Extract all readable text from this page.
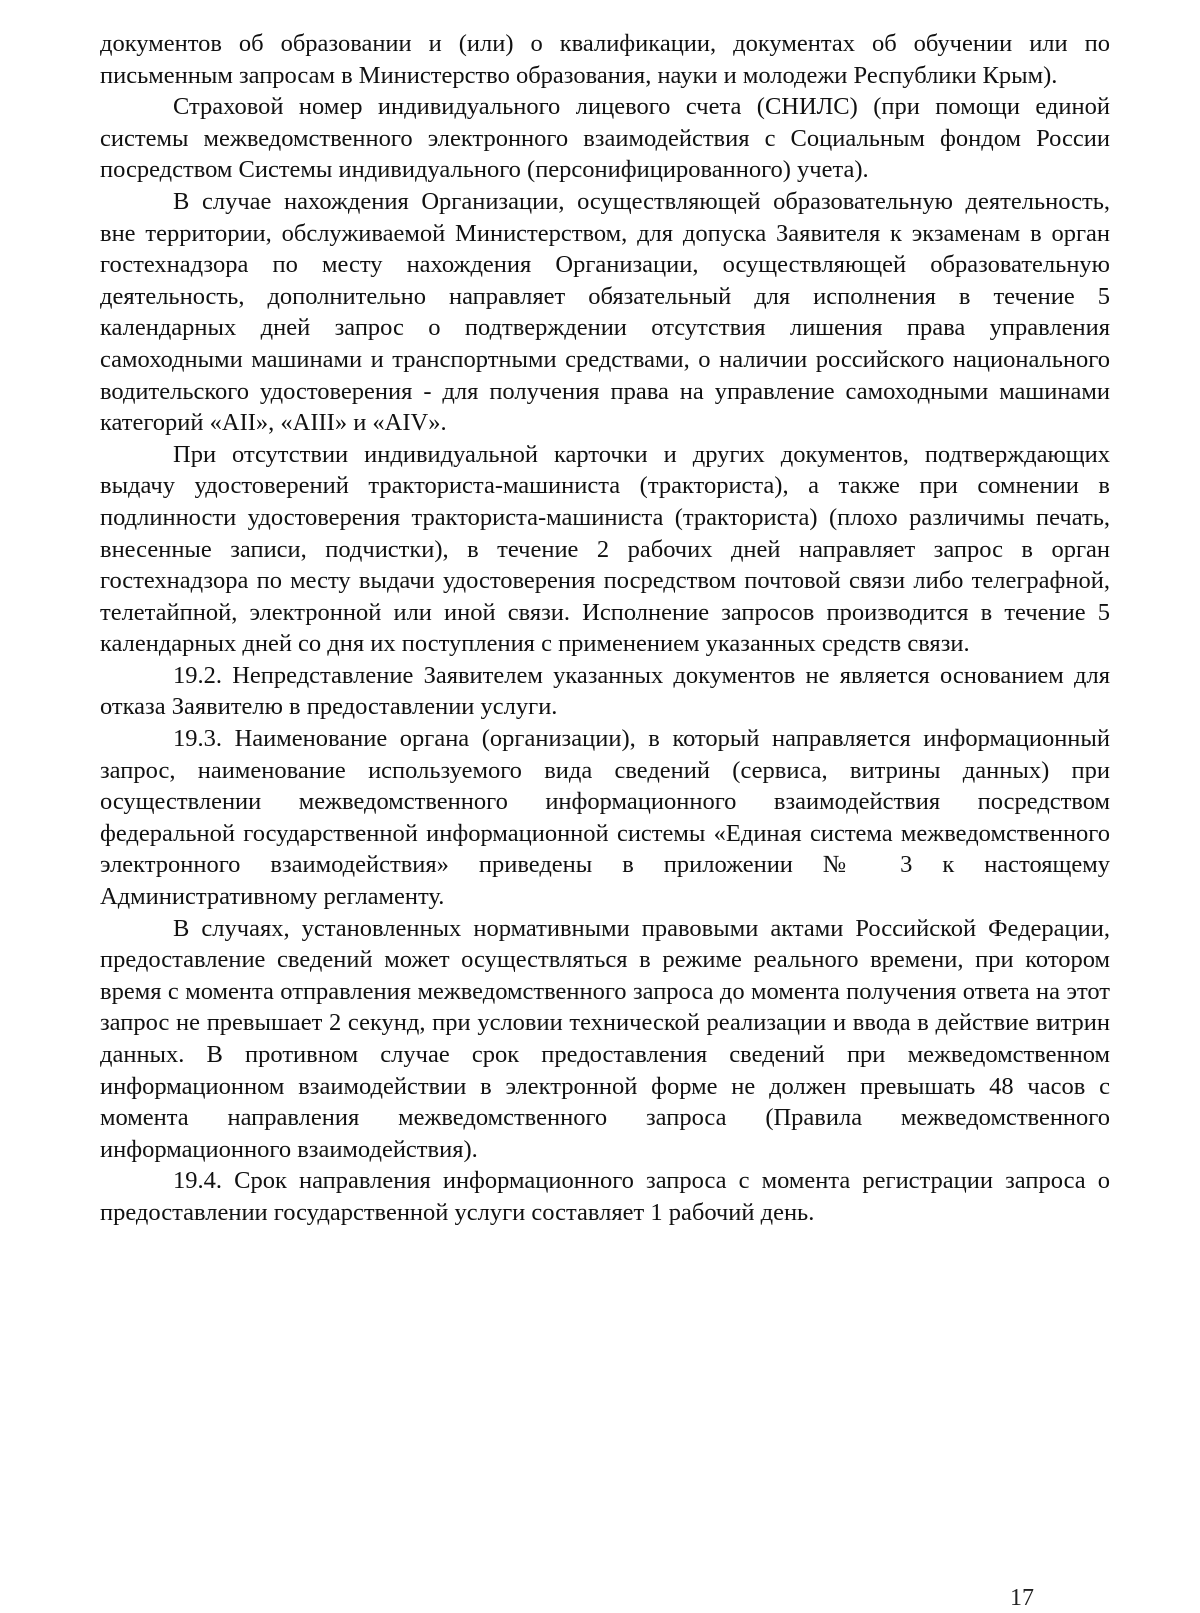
документов об образовании и (или) о квалификации, документах об обучении или по письменным запросам в Министерство образования, науки и молодежи Республики Крым).

Страховой номер индивидуального лицевого счета (СНИЛС) (при помощи единой системы межведомственного электронного взаимодействия с Социальным фондом России посредством Системы индивидуального (персонифицированного) учета).

В случае нахождения Организации, осуществляющей образовательную деятельность, вне территории, обслуживаемой Министерством, для допуска Заявителя к экзаменам в орган гостехнадзора по месту нахождения Организации, осуществляющей образовательную деятельность, дополнительно направляет обязательный для исполнения в течение 5 календарных дней запрос о подтверждении отсутствия лишения права управления самоходными машинами и транспортными средствами, о наличии российского национального водительского удостоверения - для получения права на управление самоходными машинами категорий «AII», «AIII» и «AIV».

При отсутствии индивидуальной карточки и других документов, подтверждающих выдачу удостоверений тракториста-машиниста (тракториста), а также при сомнении в подлинности удостоверения тракториста-машиниста (тракториста) (плохо различимы печать, внесенные записи, подчистки), в течение 2 рабочих дней направляет запрос в орган гостехнадзора по месту выдачи удостоверения посредством почтовой связи либо телеграфной, телетайпной, электронной или иной связи. Исполнение запросов производится в течение 5 календарных дней со дня их поступления с применением указанных средств связи.

19.2. Непредставление Заявителем указанных документов не является основанием для отказа Заявителю в предоставлении услуги.

19.3. Наименование органа (организации), в который направляется информационный запрос, наименование используемого вида сведений (сервиса, витрины данных) при осуществлении межведомственного информационного взаимодействия посредством федеральной государственной информационной системы «Единая система межведомственного электронного взаимодействия» приведены в приложении № 3 к настоящему Административному регламенту.

В случаях, установленных нормативными правовыми актами Российской Федерации, предоставление сведений может осуществляться в режиме реального времени, при котором время с момента отправления межведомственного запроса до момента получения ответа на этот запрос не превышает 2 секунд, при условии технической реализации и ввода в действие витрин данных. В противном случае срок предоставления сведений при межведомственном информационном взаимодействии в электронной форме не должен превышать 48 часов с момента направления межведомственного запроса (Правила межведомственного информационного взаимодействия).

19.4. Срок направления информационного запроса с момента регистрации запроса о предоставлении государственной услуги составляет 1 рабочий день.

17
